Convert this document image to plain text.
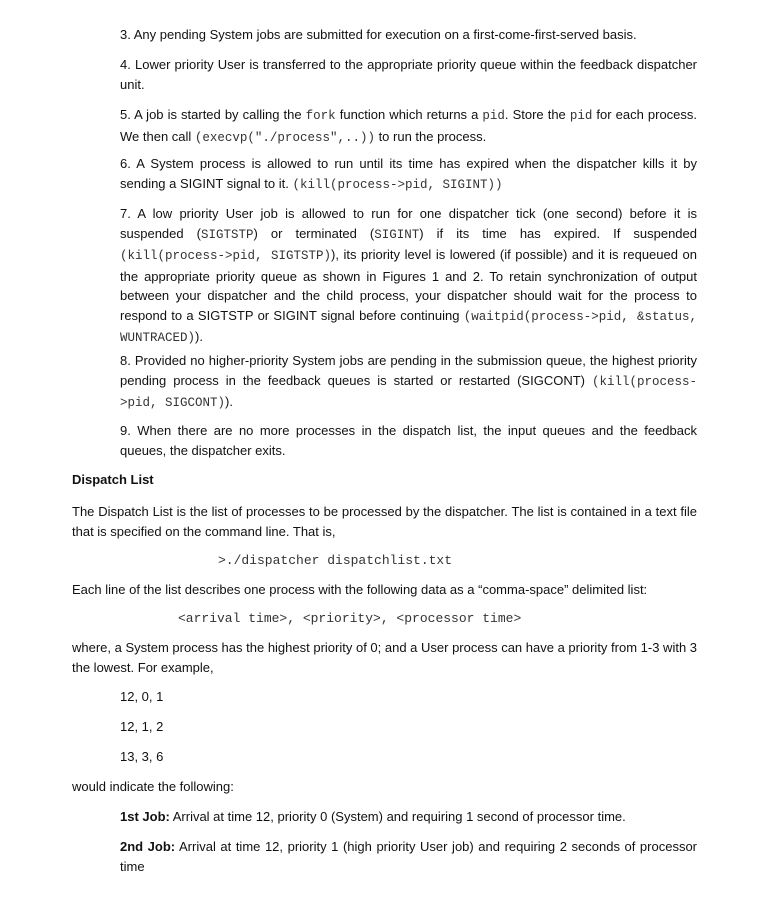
3. Any pending System jobs are submitted for execution on a first-come-first-served basis.

4. Lower priority User is transferred to the appropriate priority queue within the feedback dispatcher unit.

5. A job is started by calling the fork function which returns a pid. Store the pid for each process. We then call (execvp("./process",..)) to run the process.

6. A System process is allowed to run until its time has expired when the dispatcher kills it by sending a SIGINT signal to it. (kill(process->pid, SIGINT))

7. A low priority User job is allowed to run for one dispatcher tick (one second) before it is suspended (SIGTSTP) or terminated (SIGINT) if its time has expired. If suspended (kill(process->pid, SIGTSTP)), its priority level is lowered (if possible) and it is requeued on the appropriate priority queue as shown in Figures 1 and 2. To retain synchronization of output between your dispatcher and the child process, your dispatcher should wait for the process to respond to a SIGTSTP or SIGINT signal before continuing (waitpid(process->pid, &status, WUNTRACED)).

8. Provided no higher-priority System jobs are pending in the submission queue, the highest priority pending process in the feedback queues is started or restarted (SIGCONT) (kill(process->pid, SIGCONT)).

9. When there are no more processes in the dispatch list, the input queues and the feedback queues, the dispatcher exits.

Dispatch List

The Dispatch List is the list of processes to be processed by the dispatcher. The list is contained in a text file that is specified on the command line. That is,

>./dispatcher dispatchlist.txt

Each line of the list describes one process with the following data as a “comma-space” delimited list:

<arrival time>, <priority>, <processor time>

where, a System process has the highest priority of 0; and a User process can have a priority from 1-3 with 3 the lowest. For example,

12, 0, 1

12, 1, 2

13, 3, 6

would indicate the following:

1st Job: Arrival at time 12, priority 0 (System) and requiring 1 second of processor time.

2nd Job: Arrival at time 12, priority 1 (high priority User job) and requiring 2 seconds of processor time
